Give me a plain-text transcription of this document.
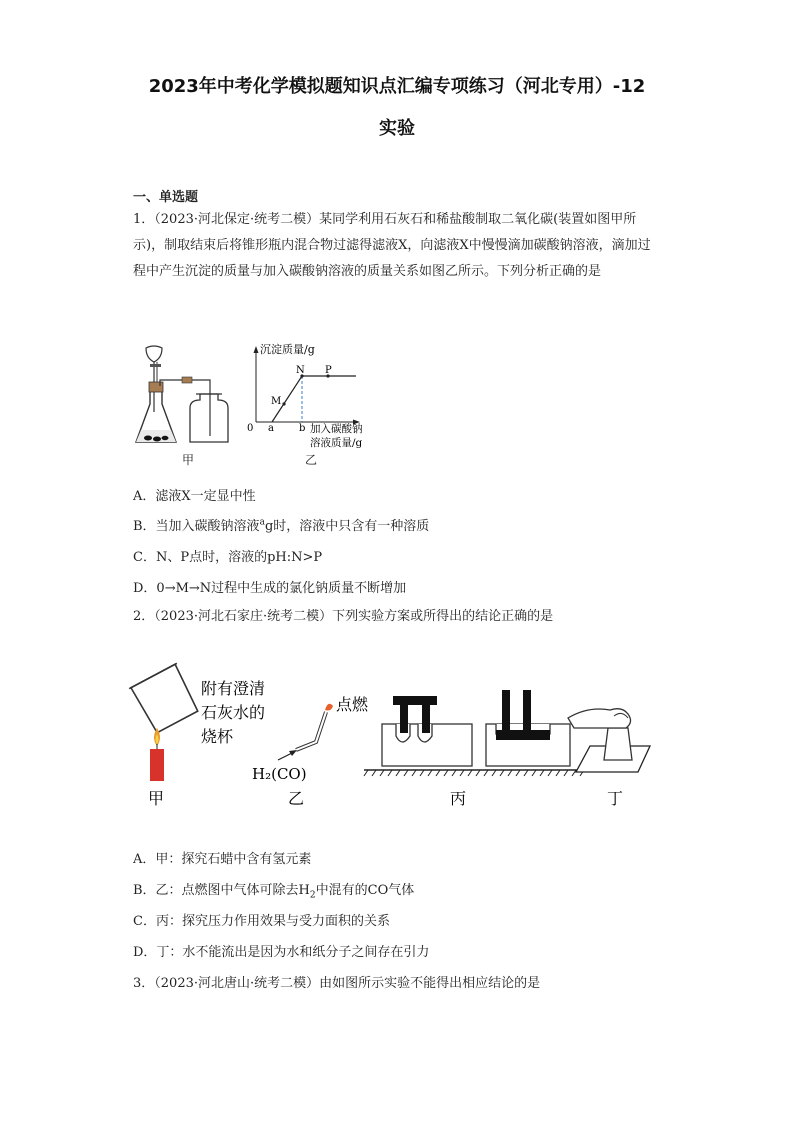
2023年中考化学模拟题知识点汇编专项练习（河北专用）-12
实验
一、单选题
1．（2023·河北保定·统考二模）某同学利用石灰石和稀盐酸制取二氧化碳(装置如图甲所示)，制取结束后将锥形瓶内混合物过滤得滤液X，向滤液X中慢慢滴加碳酸钠溶液，滴加过程中产生沉淀的质量与加入碳酸钠溶液的质量关系如图乙所示。下列分析正确的是
甲
沉淀质量/g
0 a	b
M
N P
加入碳酸钠
溶液质量/g
乙
A．滤液X一定显中性
B．当加入碳酸钠溶液$^a$g时，溶液中只含有一种溶质
C．N、P点时，溶液的pH:N>P
D．0→M→N过程中生成的氯化钠质量不断增加
2．（2023·河北石家庄·统考二模）下列实验方案或所得出的结论正确的是
附有澄清
石灰水的
烧杯
点燃
H₂(CO)
甲	乙	丙	丁
A．甲：探究石蜡中含有氢元素
B．乙：点燃图中气体可除去$H_2$中混有的CO气体
C．丙：探究压力作用效果与受力面积的关系
D．丁：水不能流出是因为水和纸分子之间存在引力
3．（2023·河北唐山·统考二模）由如图所示实验不能得出相应结论的是
